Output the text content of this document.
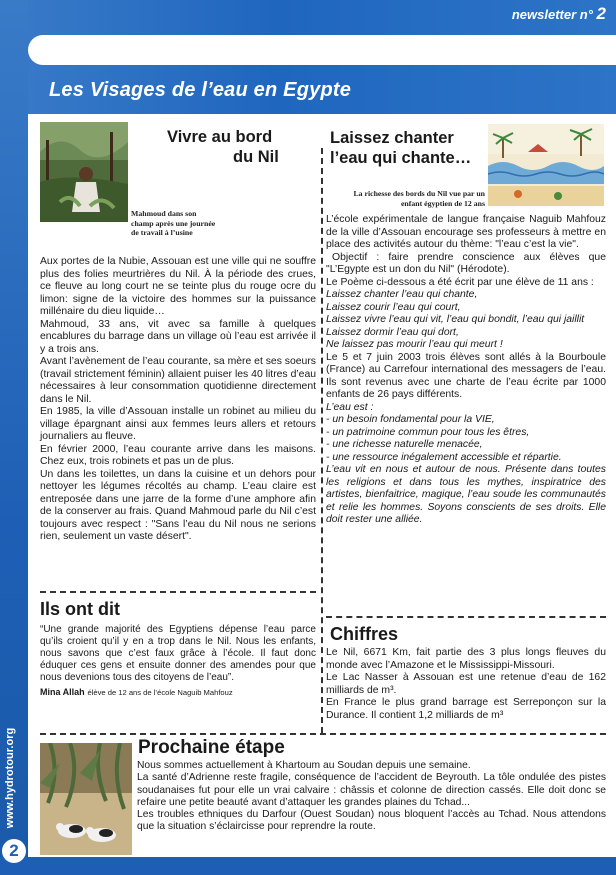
newsletter n° 2
Les Visages de l’eau en Egypte
www.hydrotour.org
2
Vivre au bord
du Nil
Mahmoud dans son champ après une journée de travail à l’usine

Aux portes de la Nubie, Assouan est une ville qui ne souffre plus des folies meurtrières du Nil. À la période des crues, ce fleuve au long court ne se teinte plus du rouge ocre du limon: signe de la victoire des hommes sur la puissance millénaire du dieu liquide…

Mahmoud, 33 ans, vit avec sa famille à quelques encablures du barrage dans un village où l’eau est arrivée il y a trois ans.

Avant l’avènement de l’eau courante, sa mère et ses soeurs (travail strictement féminin) allaient puiser les 40 litres d’eau nécessaires à leur consommation quotidienne directement dans le Nil.

En 1985, la ville d’Assouan installe un robinet au milieu du village épargnant ainsi aux femmes leurs allers et retours journaliers au fleuve.

En février 2000, l’eau courante arrive dans les maisons. Chez eux, trois robinets et pas un de plus.

Un dans les toilettes, un dans la cuisine et un dehors pour nettoyer les légumes récoltés au champ. L’eau claire est entreposée dans une jarre de la forme d’une amphore afin de la conserver au frais. Quand Mahmoud parle du Nil c’est toujours avec respect : "Sans l’eau du Nil nous ne serions rien, seulement un vaste désert".

Ils ont dit

“Une grande majorité des Egyptiens dépense l’eau parce qu’ils croient qu’il y en a trop dans le Nil. Nous les enfants, nous savons que c’est faux grâce à l’école. Il faut donc éduquer ces gens et ensuite donner des amendes pour que nous devenions tous des citoyens de l’eau”.

Mina Allah élève de 12 ans de l’école Naguib Mahfouz

Laissez chanter
l’eau qui chante…
La richesse des bords du Nil vue par un enfant égyptien de 12 ans

L’école expérimentale de langue française Naguib Mahfouz de la ville d’Assouan encourage ses professeurs à mettre en place des activités autour du thème: "l’eau c’est la vie".

Objectif : faire prendre conscience aux élèves que "L’Egypte est un don du Nil" (Hérodote).

Le Poème ci-dessous a été écrit par une élève de 11 ans :

Laissez chanter l’eau qui chante,

Laissez courir l’eau qui court,

Laissez vivre l’eau qui vit, l’eau qui bondit, l’eau qui jaillit

Laissez dormir l’eau qui dort,

Ne laissez pas mourir l’eau qui meurt !

Le 5 et 7 juin 2003 trois élèves sont allés à la Bourboule (France) au Carrefour international des messagers de l’eau. Ils sont revenus avec une charte de l’eau écrite par 1000 enfants de 26 pays différents.

L’eau est :

- un besoin fondamental pour la VIE,

- un patrimoine commun pour tous les êtres,

- une richesse naturelle menacée,

- une ressource inégalement accessible et répartie.

L’eau vit en nous et autour de nous. Présente dans toutes les religions et dans tous les mythes, inspiratrice des artistes, bienfaitrice, magique, l’eau soude les communautés et relie les hommes. Soyons conscients de ses droits. Elle doit rester une alliée.

Chiffres

Le Nil, 6671 Km, fait partie des 3 plus longs fleuves du monde avec l’Amazone et le Mississippi-Missouri.

Le Lac Nasser à Assouan est une retenue d’eau de 162 milliards de m³.

En France le plus grand barrage est Serreponçon sur la Durance. Il contient 1,2 milliards de m³

Prochaine étape

Nous sommes actuellement à Khartoum au Soudan depuis une semaine.

La santé d’Adrienne reste fragile, conséquence de l’accident de Beyrouth. La tôle ondulée des pistes soudanaises fut pour elle un vrai calvaire : châssis et colonne de direction cassés. Elle doit donc se refaire une petite beauté avant d’attaquer les grandes plaines du Tchad...

Les troubles ethniques du Darfour (Ouest Soudan) nous bloquent l’accès au Tchad. Nous attendons que la situation s’éclaircisse pour reprendre la route.
